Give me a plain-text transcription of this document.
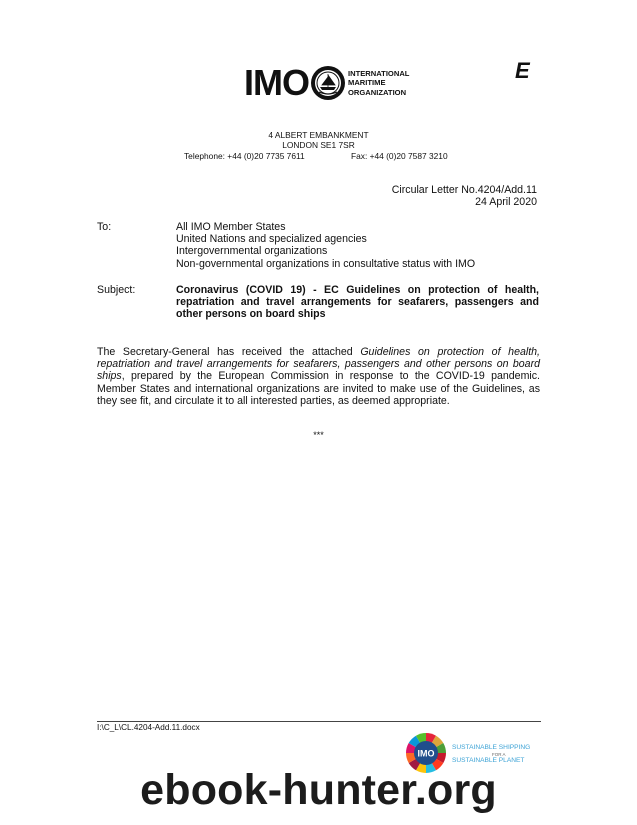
IMO	INTERNATIONAL
MARITIME
ORGANIZATION
E
4 ALBERT EMBANKMENT
LONDON SE1 7SR
Telephone: +44 (0)20 7735 7611	Fax: +44 (0)20 7587 3210
Circular Letter No.4204/Add.11
24 April 2020
To:	All IMO Member States
United Nations and specialized agencies
Intergovernmental organizations
Non-governmental organizations in consultative status with IMO
Subject:	Coronavirus (COVID 19) - EC Guidelines on protection of health, repatriation and travel arrangements for seafarers, passengers and other persons on board ships
The Secretary-General has received the attached Guidelines on protection of health, repatriation and travel arrangements for seafarers, passengers and other persons on board ships, prepared by the European Commission in response to the COVID-19 pandemic. Member States and international organizations are invited to make use of the Guidelines, as they see fit, and circulate it to all interested parties, as deemed appropriate.
***
I:\C_L\CL.4204-Add.11.docx
IMO
SUSTAINABLE SHIPPING
FOR A
SUSTAINABLE PLANET
ebook-hunter.org
